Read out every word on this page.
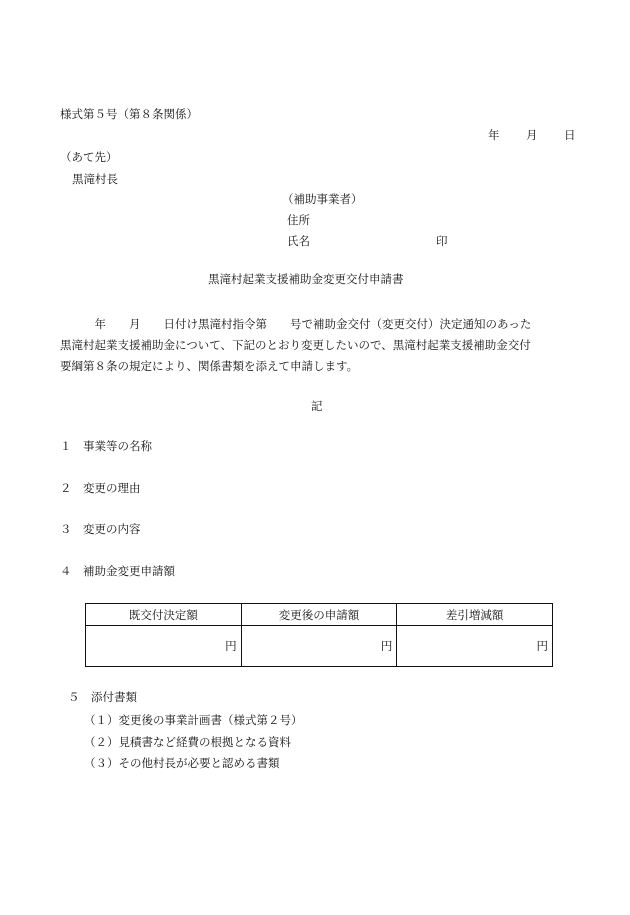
様式第５号（第８条関係）
年 月 日
（あて先）
黒滝村長
（補助事業者）
住所
氏名	印
黒滝村起業支援補助金変更交付申請書
　　　年　　月　　日付け黒滝村指令第　　号で補助金交付（変更交付）決定通知のあった
黒滝村起業支援補助金について、下記のとおり変更したいので、黒滝村起業支援補助金交付
要綱第８条の規定により、関係書類を添えて申請します。
記
１ 事業等の名称
２ 変更の理由
３ 変更の内容
４ 補助金変更申請額
既交付決定額	変更後の申請額	差引増減額
円	円	円
５ 添付書類
（１）変更後の事業計画書（様式第２号）
（２）見積書など経費の根拠となる資料
（３）その他村長が必要と認める書類
